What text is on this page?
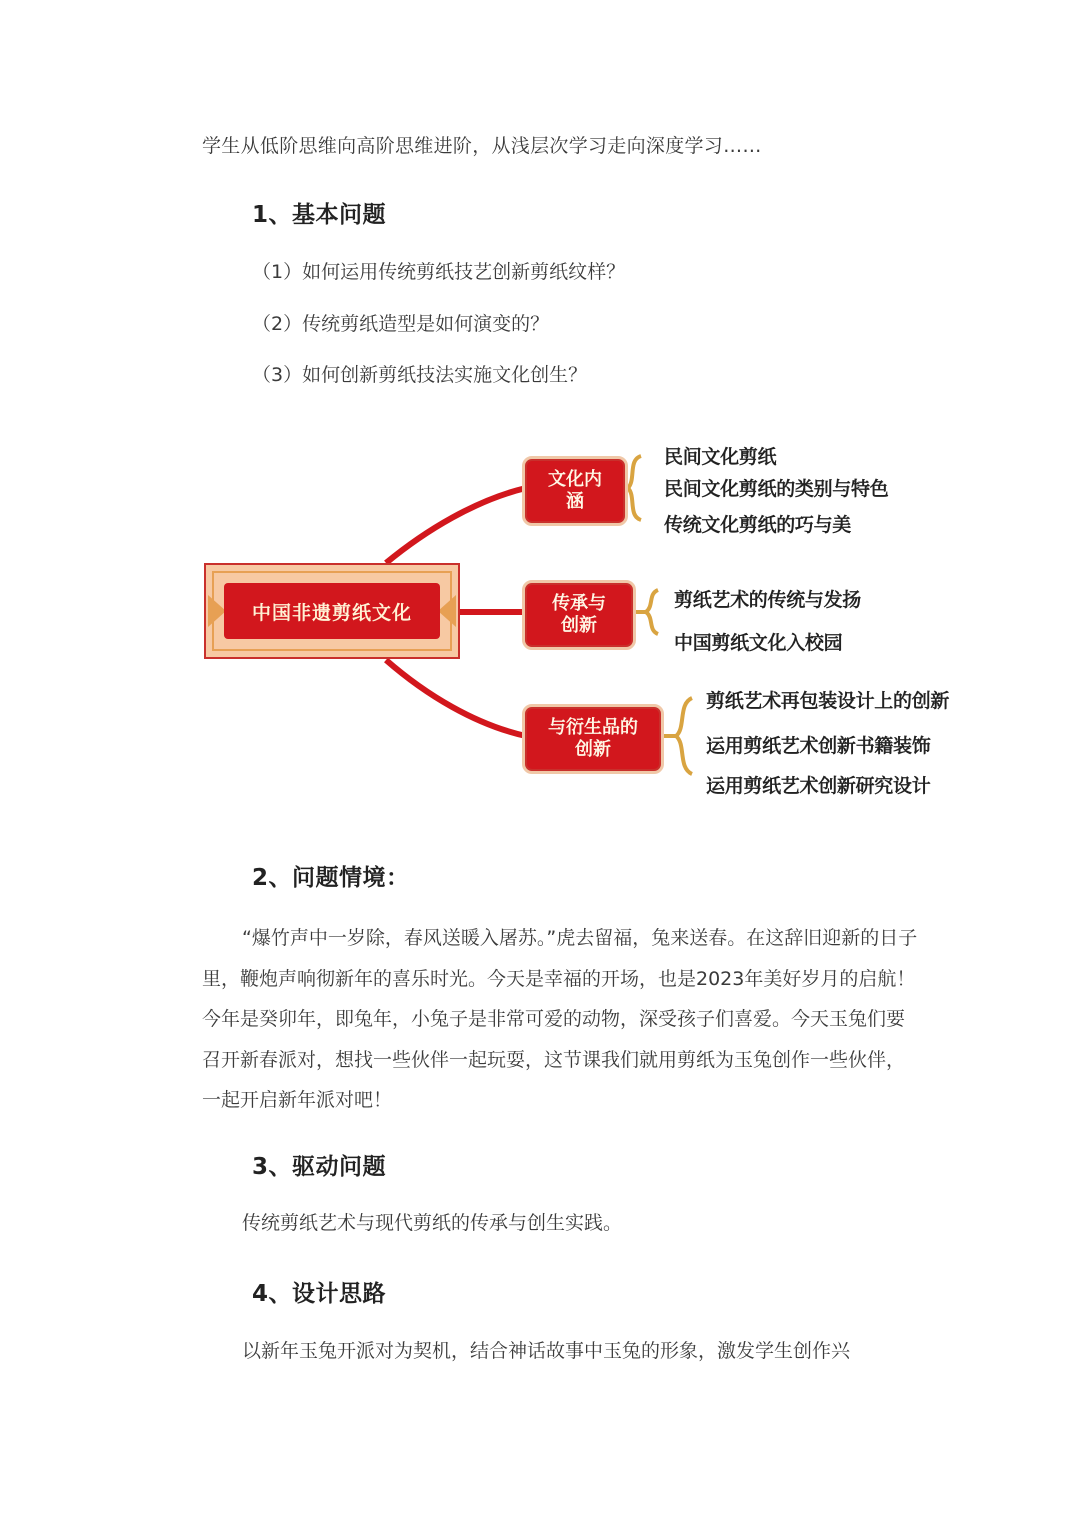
学生从低阶思维向高阶思维进阶，从浅层次学习走向深度学习……
1、基本问题
（1）如何运用传统剪纸技艺创新剪纸纹样？
（2）传统剪纸造型是如何演变的？
（3）如何创新剪纸技法实施文化创生？
中国非遗剪纸文化
文化内
涵
传承与
创新
与衍生品的
创新
民间文化剪纸
民间文化剪纸的类别与特色
传统文化剪纸的巧与美
剪纸艺术的传统与发扬
中国剪纸文化入校园
剪纸艺术再包装设计上的创新
运用剪纸艺术创新书籍装饰
运用剪纸艺术创新研究设计
2、问题情境：

“爆竹声中一岁除，春风送暖入屠苏。”虎去留福，兔来送春。在这辞旧迎新的日子里，鞭炮声响彻新年的喜乐时光。今天是幸福的开场，也是2023年美好岁月的启航！今年是癸卯年，即兔年，小兔子是非常可爱的动物，深受孩子们喜爱。今天玉兔们要召开新春派对，想找一些伙伴一起玩耍，这节课我们就用剪纸为玉兔创作一些伙伴，一起开启新年派对吧！

3、驱动问题
传统剪纸艺术与现代剪纸的传承与创生实践。
4、设计思路
以新年玉兔开派对为契机，结合神话故事中玉兔的形象，激发学生创作兴
